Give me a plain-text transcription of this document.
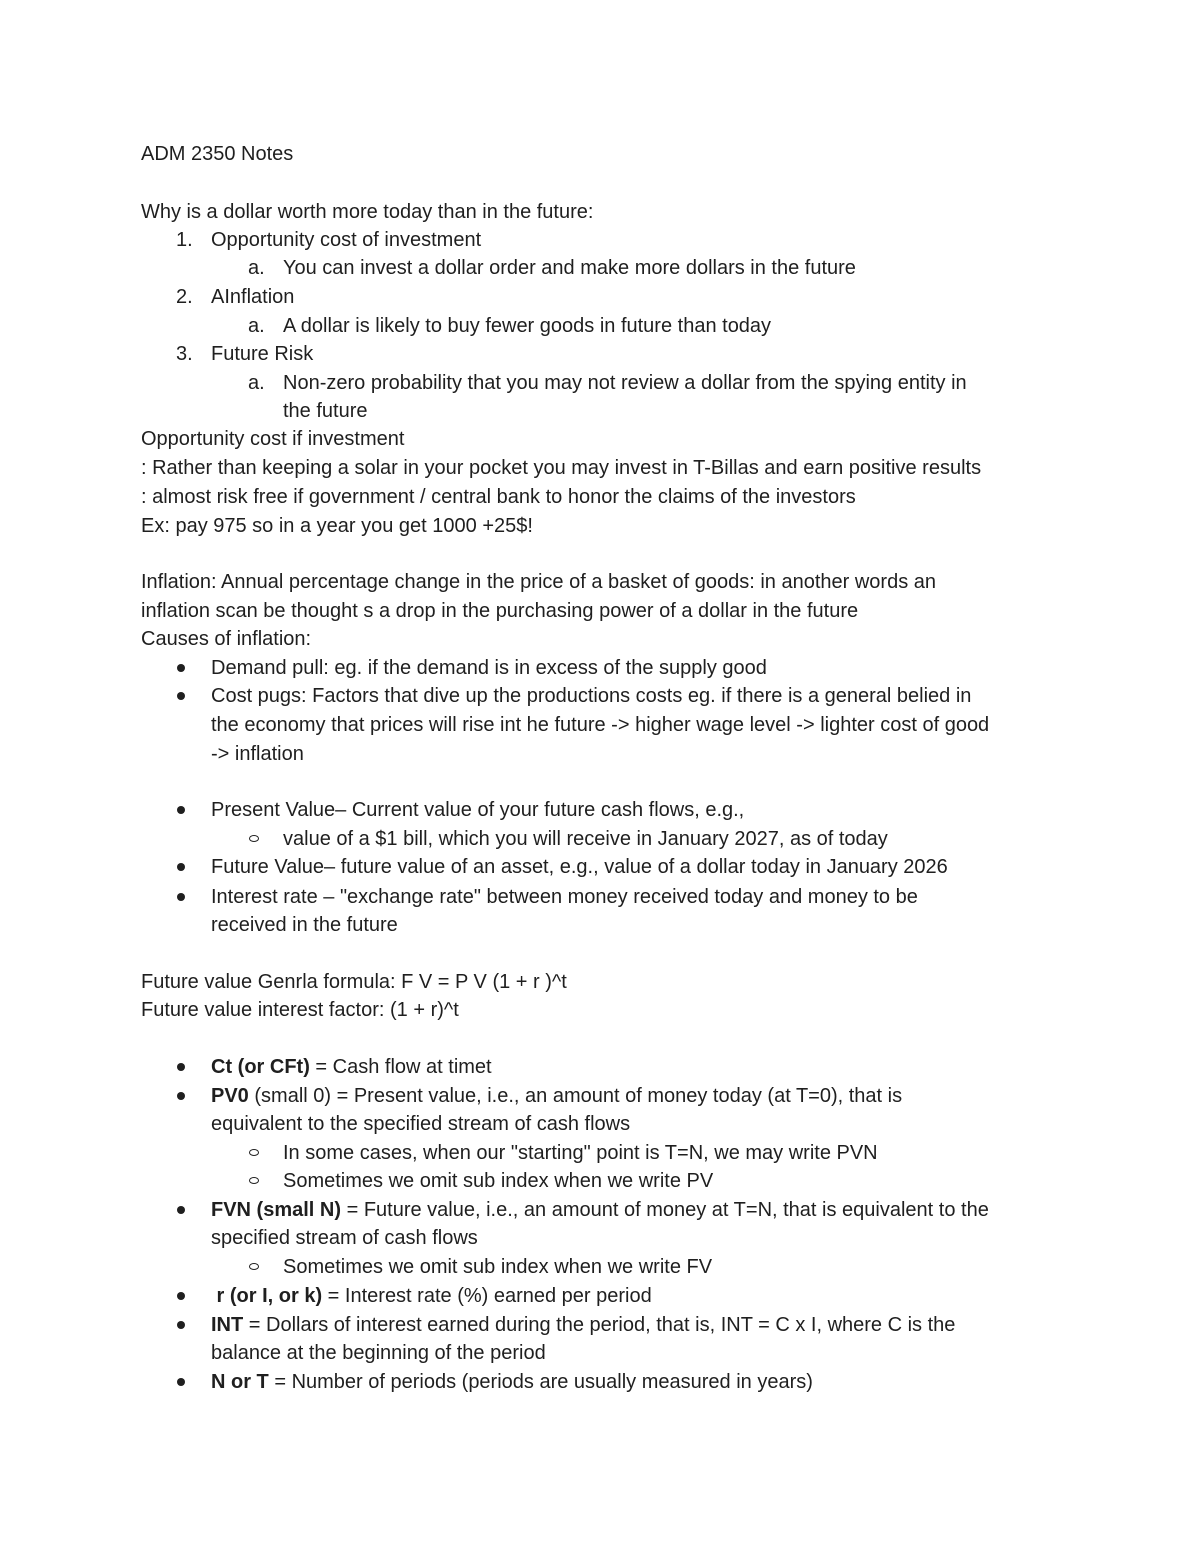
ADM 2350 Notes
Why is a dollar worth more today than in the future:
1. Opportunity cost of investment
a. You can invest a dollar order and make more dollars in the future
2. AInflation
a. A dollar is likely to buy fewer goods in future than today
3. Future Risk
a. Non-zero probability that you may not review a dollar from the spying entity in
the future
Opportunity cost if investment
: Rather than keeping a solar in your pocket you may invest in T-Billas and earn positive results
: almost risk free if government / central bank to honor the claims of the investors
Ex: pay 975 so in a year you get 1000 +25$!
Inflation: Annual percentage change in the price of a basket of goods: in another words an
inflation scan be thought s a drop in the purchasing power of a dollar in the future
Causes of inflation:
Demand pull: eg. if the demand is in excess of the supply good
Cost pugs: Factors that dive up the productions costs eg. if there is a general belied in
the economy that prices will rise int he future -> higher wage level -> lighter cost of good
-> inflation
Present Value– Current value of your future cash flows, e.g.,
value of a $1 bill, which you will receive in January 2027, as of today
Future Value– future value of an asset, e.g., value of a dollar today in January 2026
Interest rate – "exchange rate" between money received today and money to be
received in the future
Future value Genrla formula: F V = P V (1 + r )^t
Future value interest factor: (1 + r)^t
Ct (or CFt) = Cash flow at timet
PV0 (small 0) = Present value, i.e., an amount of money today (at T=0), that is
equivalent to the specified stream of cash flows
In some cases, when our "starting" point is T=N, we may write PVN
Sometimes we omit sub index when we write PV
FVN (small N) = Future value, i.e., an amount of money at T=N, that is equivalent to the
specified stream of cash flows
Sometimes we omit sub index when we write FV
r (or I, or k) = Interest rate (%) earned per period
INT = Dollars of interest earned during the period, that is, INT = C x I, where C is the
balance at the beginning of the period
N or T = Number of periods (periods are usually measured in years)
